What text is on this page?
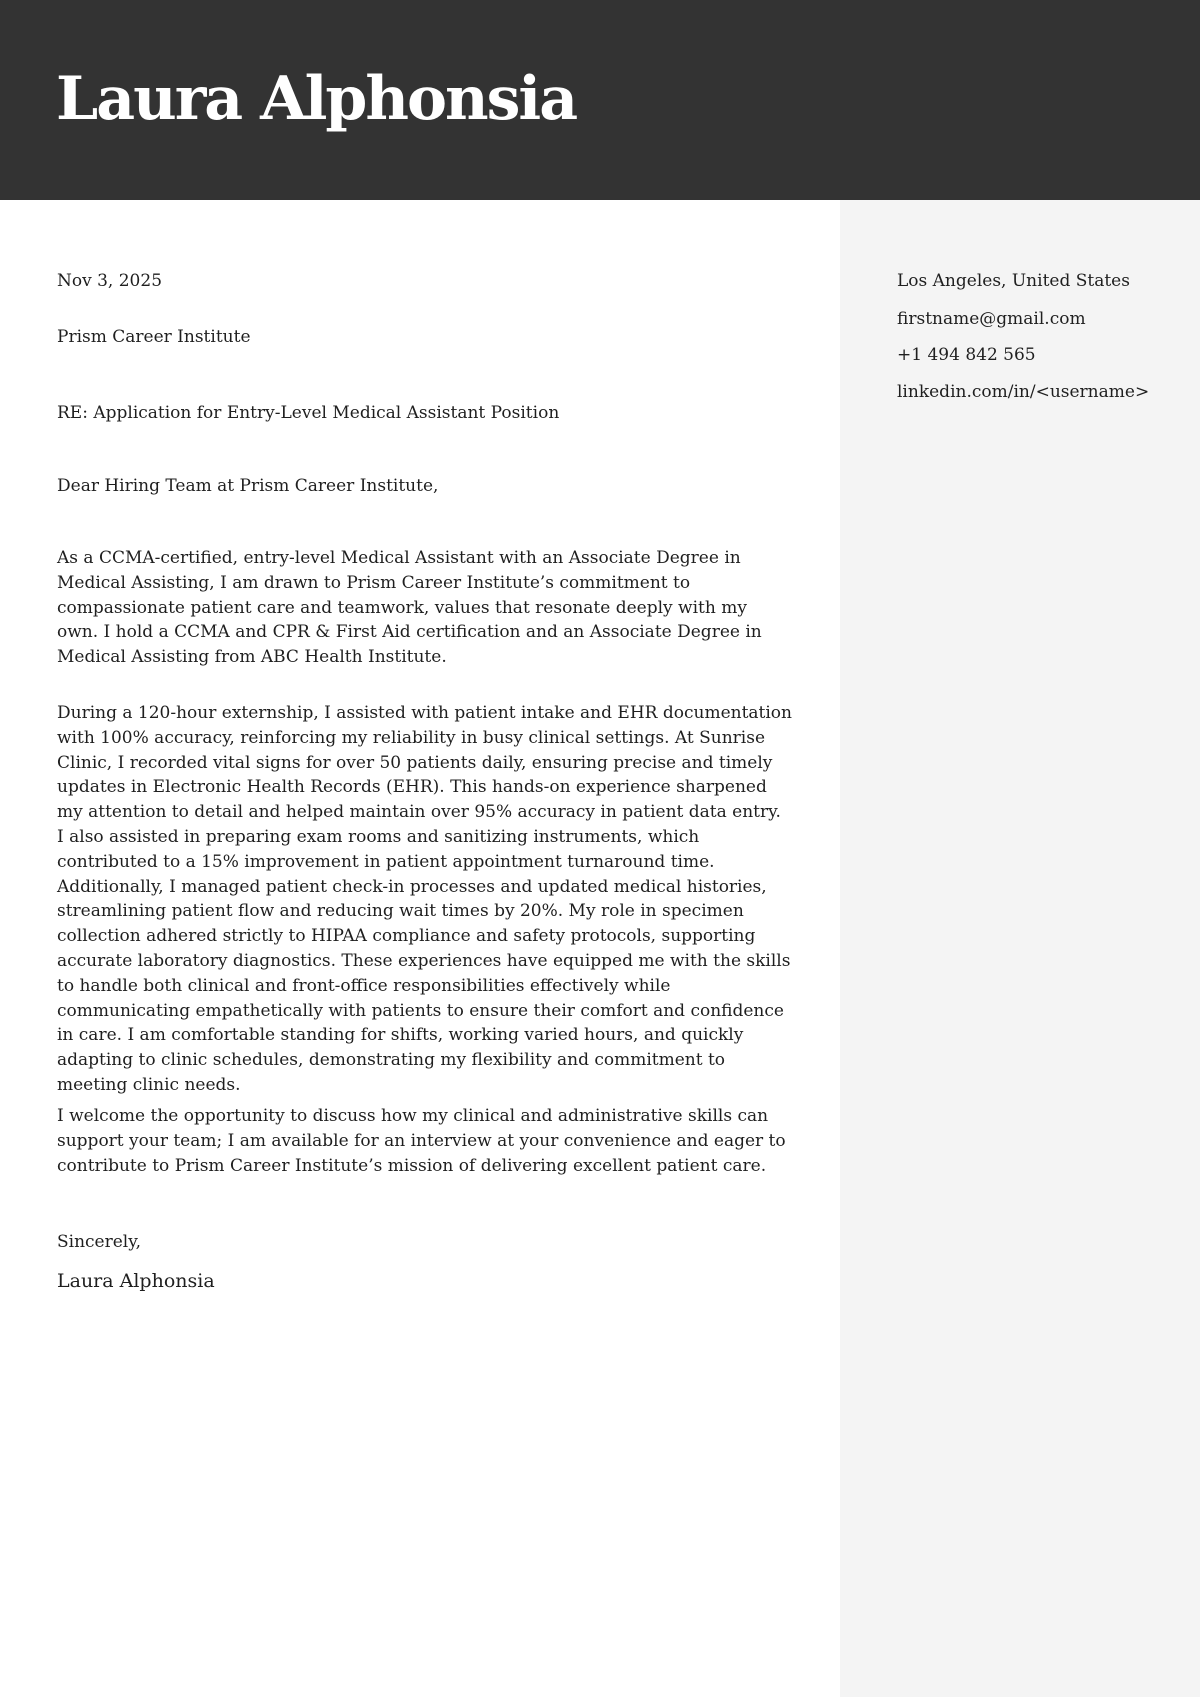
Laura Alphonsia
Los Angeles, United States
firstname@gmail.com
+1 494 842 565
linkedin.com/in/<username>
Nov 3, 2025
Prism Career Institute
RE: Application for Entry-Level Medical Assistant Position
Dear Hiring Team at Prism Career Institute,

As a CCMA-certified, entry-level Medical Assistant with an Associate Degree in Medical Assisting, I am drawn to Prism Career Institute’s commitment to compassionate patient care and teamwork, values that resonate deeply with my own. I hold a CCMA and CPR & First Aid certification and an Associate Degree in Medical Assisting from ABC Health Institute.

During a 120-hour externship, I assisted with patient intake and EHR documentation with 100% accuracy, reinforcing my reliability in busy clinical settings. At Sunrise Clinic, I recorded vital signs for over 50 patients daily, ensuring precise and timely updates in Electronic Health Records (EHR). This hands-on experience sharpened my attention to detail and helped maintain over 95% accuracy in patient data entry. I also assisted in preparing exam rooms and sanitizing instruments, which contributed to a 15% improvement in patient appointment turnaround time. Additionally, I managed patient check-in processes and updated medical histories, streamlining patient flow and reducing wait times by 20%. My role in specimen collection adhered strictly to HIPAA compliance and safety protocols, supporting accurate laboratory diagnostics. These experiences have equipped me with the skills to handle both clinical and front-office responsibilities effectively while communicating empathetically with patients to ensure their comfort and confidence in care. I am comfortable standing for shifts, working varied hours, and quickly adapting to clinic schedules, demonstrating my flexibility and commitment to meeting clinic needs.

I welcome the opportunity to discuss how my clinical and administrative skills can support your team; I am available for an interview at your convenience and eager to contribute to Prism Career Institute’s mission of delivering excellent patient care.

Sincerely,
Laura Alphonsia
